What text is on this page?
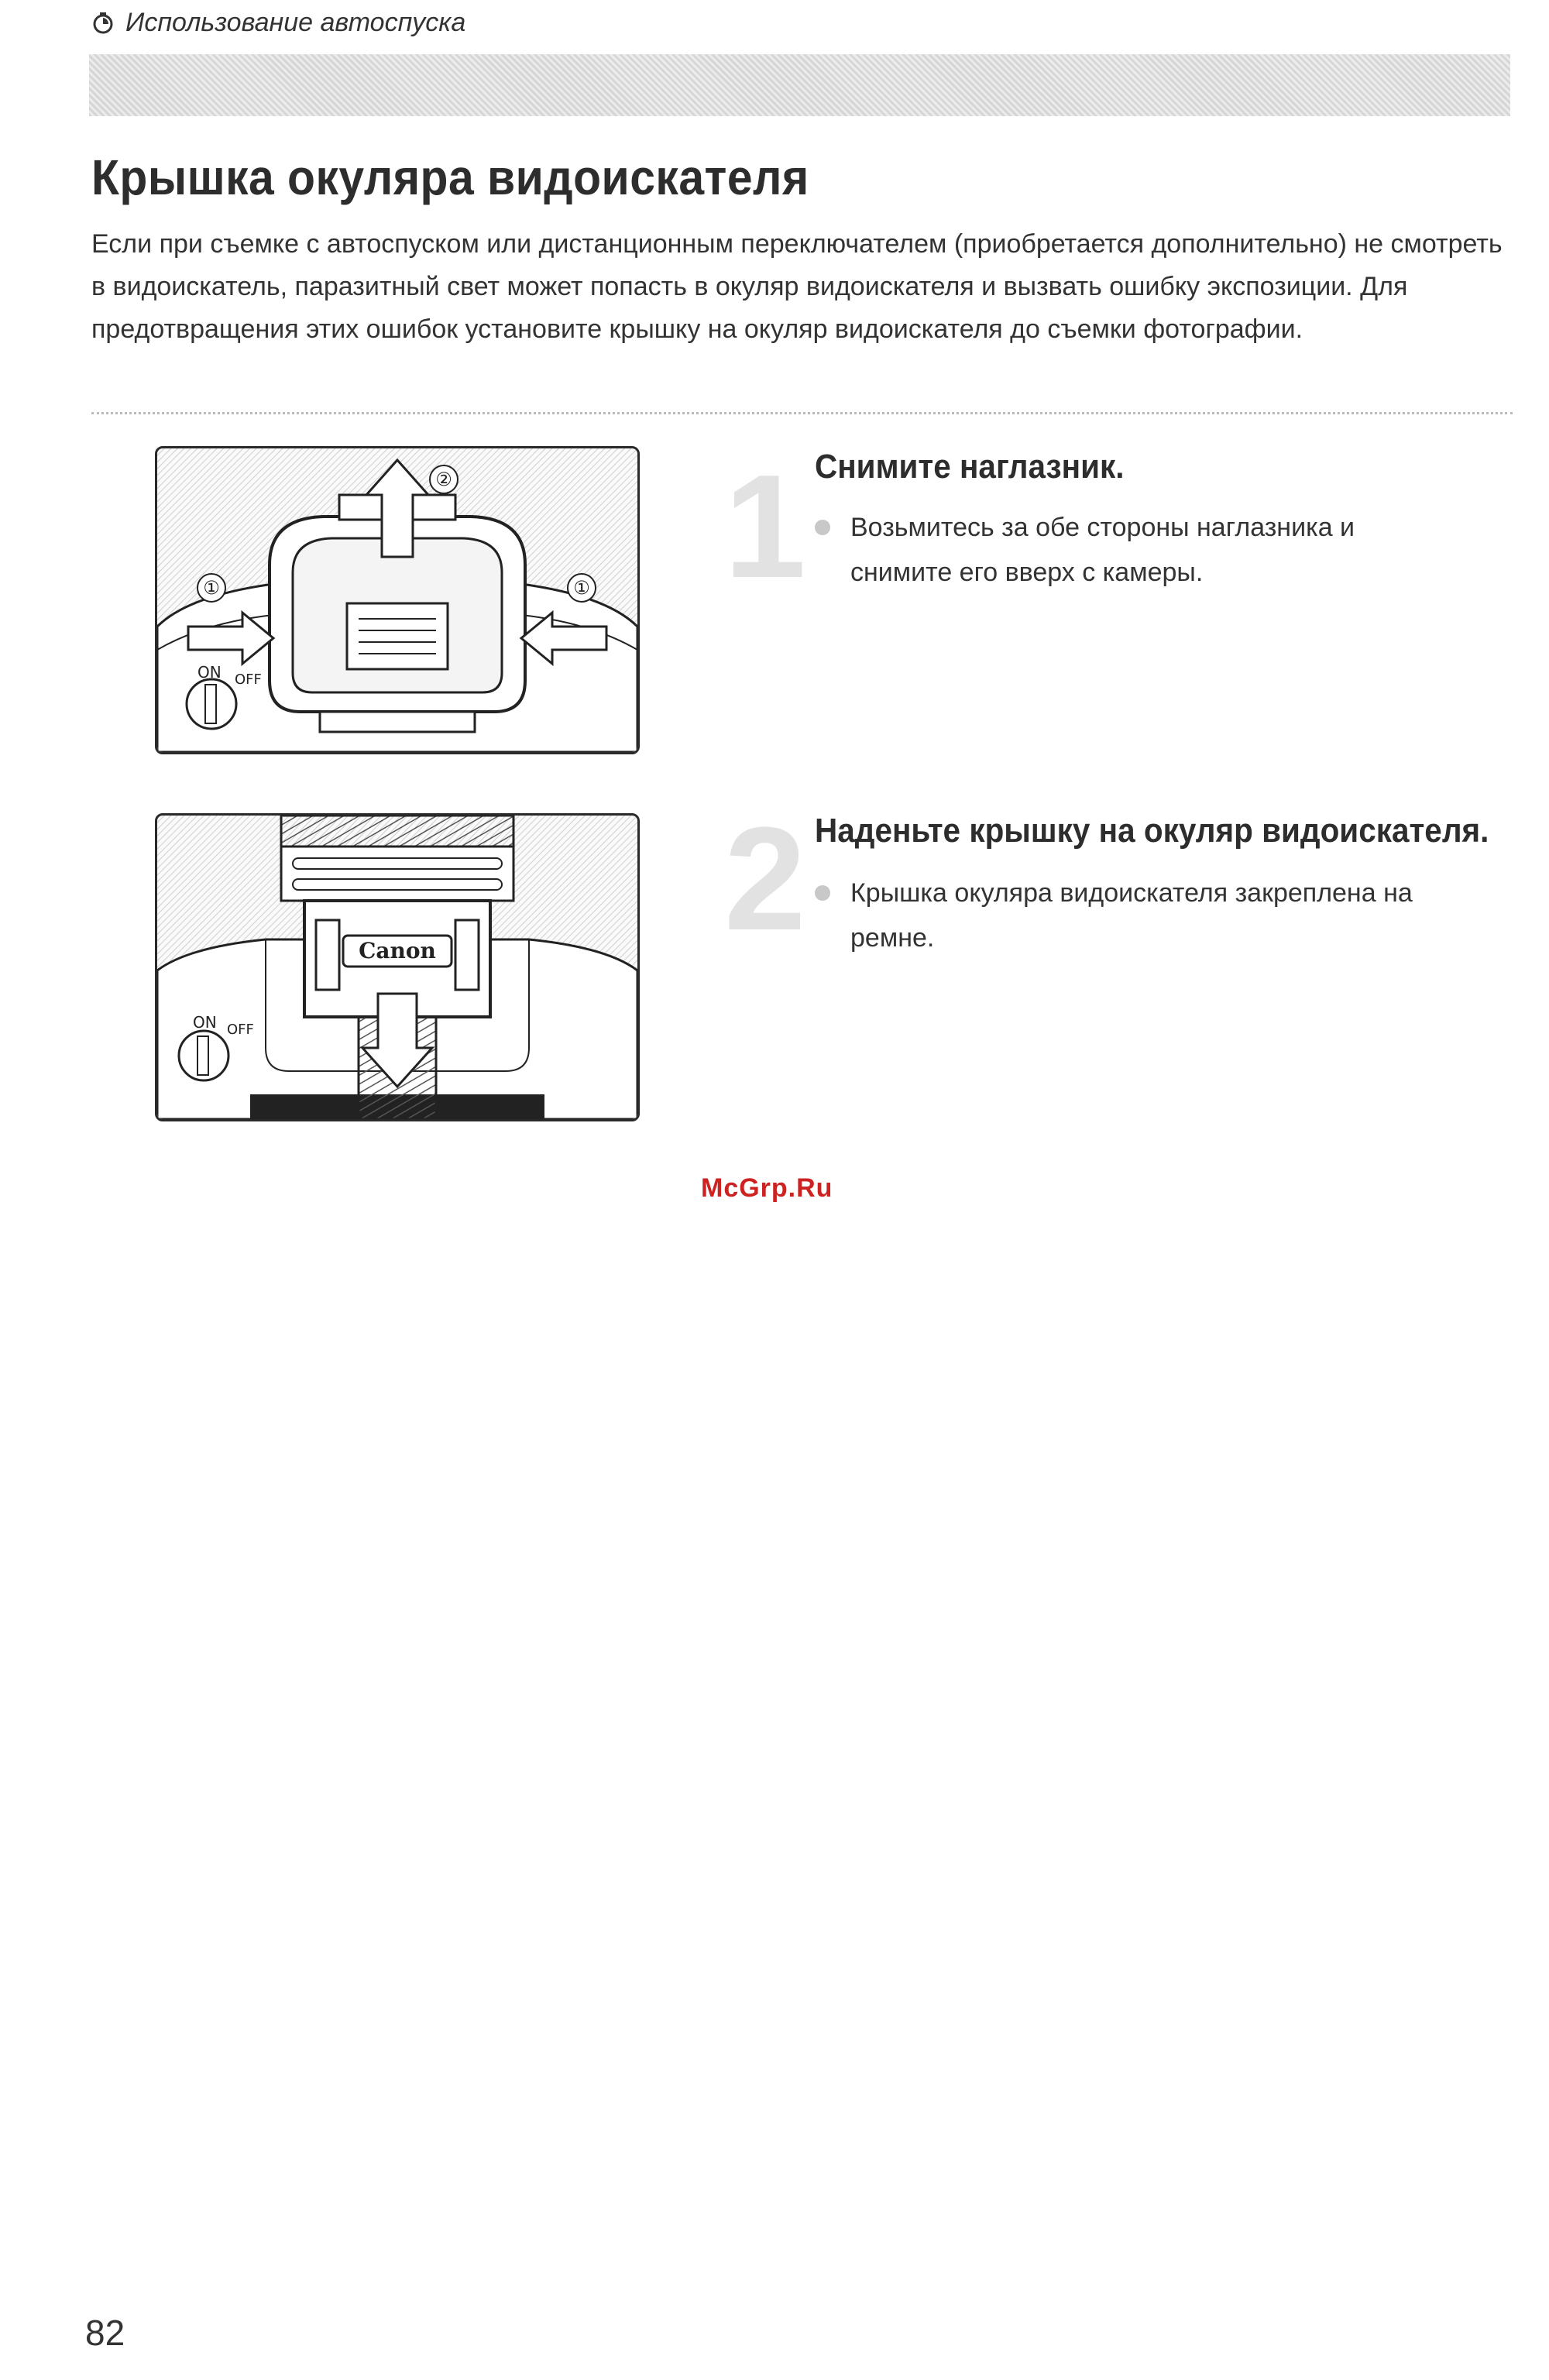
Использование автоспуска
Крышка окуляра видоискателя
Если при съемке с автоспуском или дистанционным переключателем (приобретается дополнительно) не смотреть в видоискатель, паразитный свет может попасть в окуляр видоискателя и вызвать ошибку экспозиции. Для предотвращения этих ошибок установите крышку на окуляр видоискателя до съемки фотографии.
②
①	①
ON OFF
Canon
ON OFF
1 Снимите наглазник.
Возьмитесь за обе стороны наглазника и снимите его вверх с камеры.
2 Наденьте крышку на окуляр видоискателя.
Крышка окуляра видоискателя закреплена на ремне.
McGrp.Ru
82
